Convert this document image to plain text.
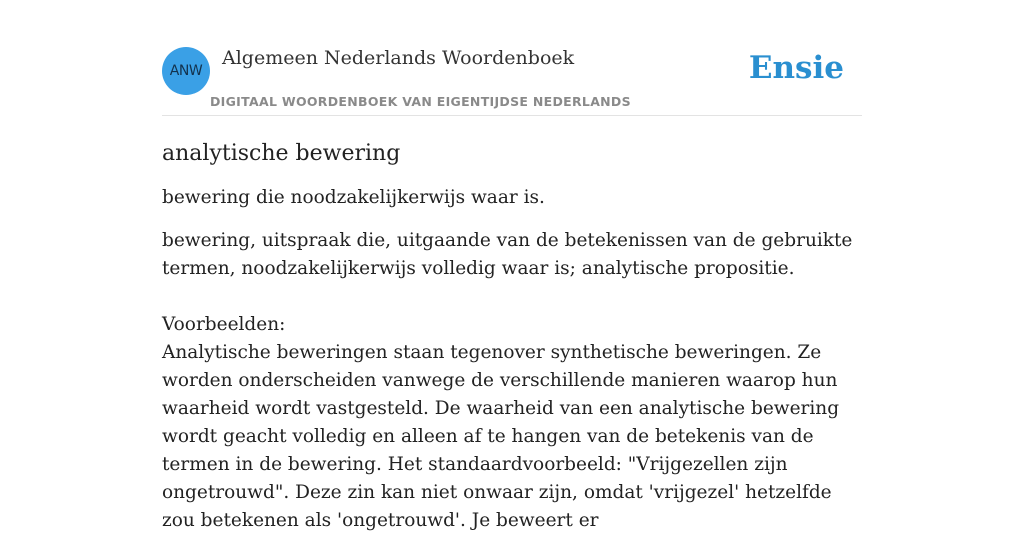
ANW
Algemeen Nederlands Woordenboek
DIGITAAL WOORDENBOEK VAN EIGENTIJDSE NEDERLANDS
Ensie
analytische bewering

bewering die noodzakelijkerwijs waar is.

bewering, uitspraak die, uitgaande van de betekenissen van de gebruikte termen, noodzakelijkerwijs volledig waar is; analytische propositie.

Voorbeelden:

Analytische beweringen staan tegenover synthetische beweringen. Ze worden onderscheiden vanwege de verschillende manieren waarop hun waarheid wordt vastgesteld. De waarheid van een analytische bewering wordt geacht volledig en alleen af te hangen van de betekenis van de termen in de bewering. Het standaardvoorbeeld: "Vrijgezellen zijn ongetrouwd". Deze zin kan niet onwaar zijn, omdat 'vrijgezel' hetzelfde zou betekenen als 'ongetrouwd'. Je beweert er
